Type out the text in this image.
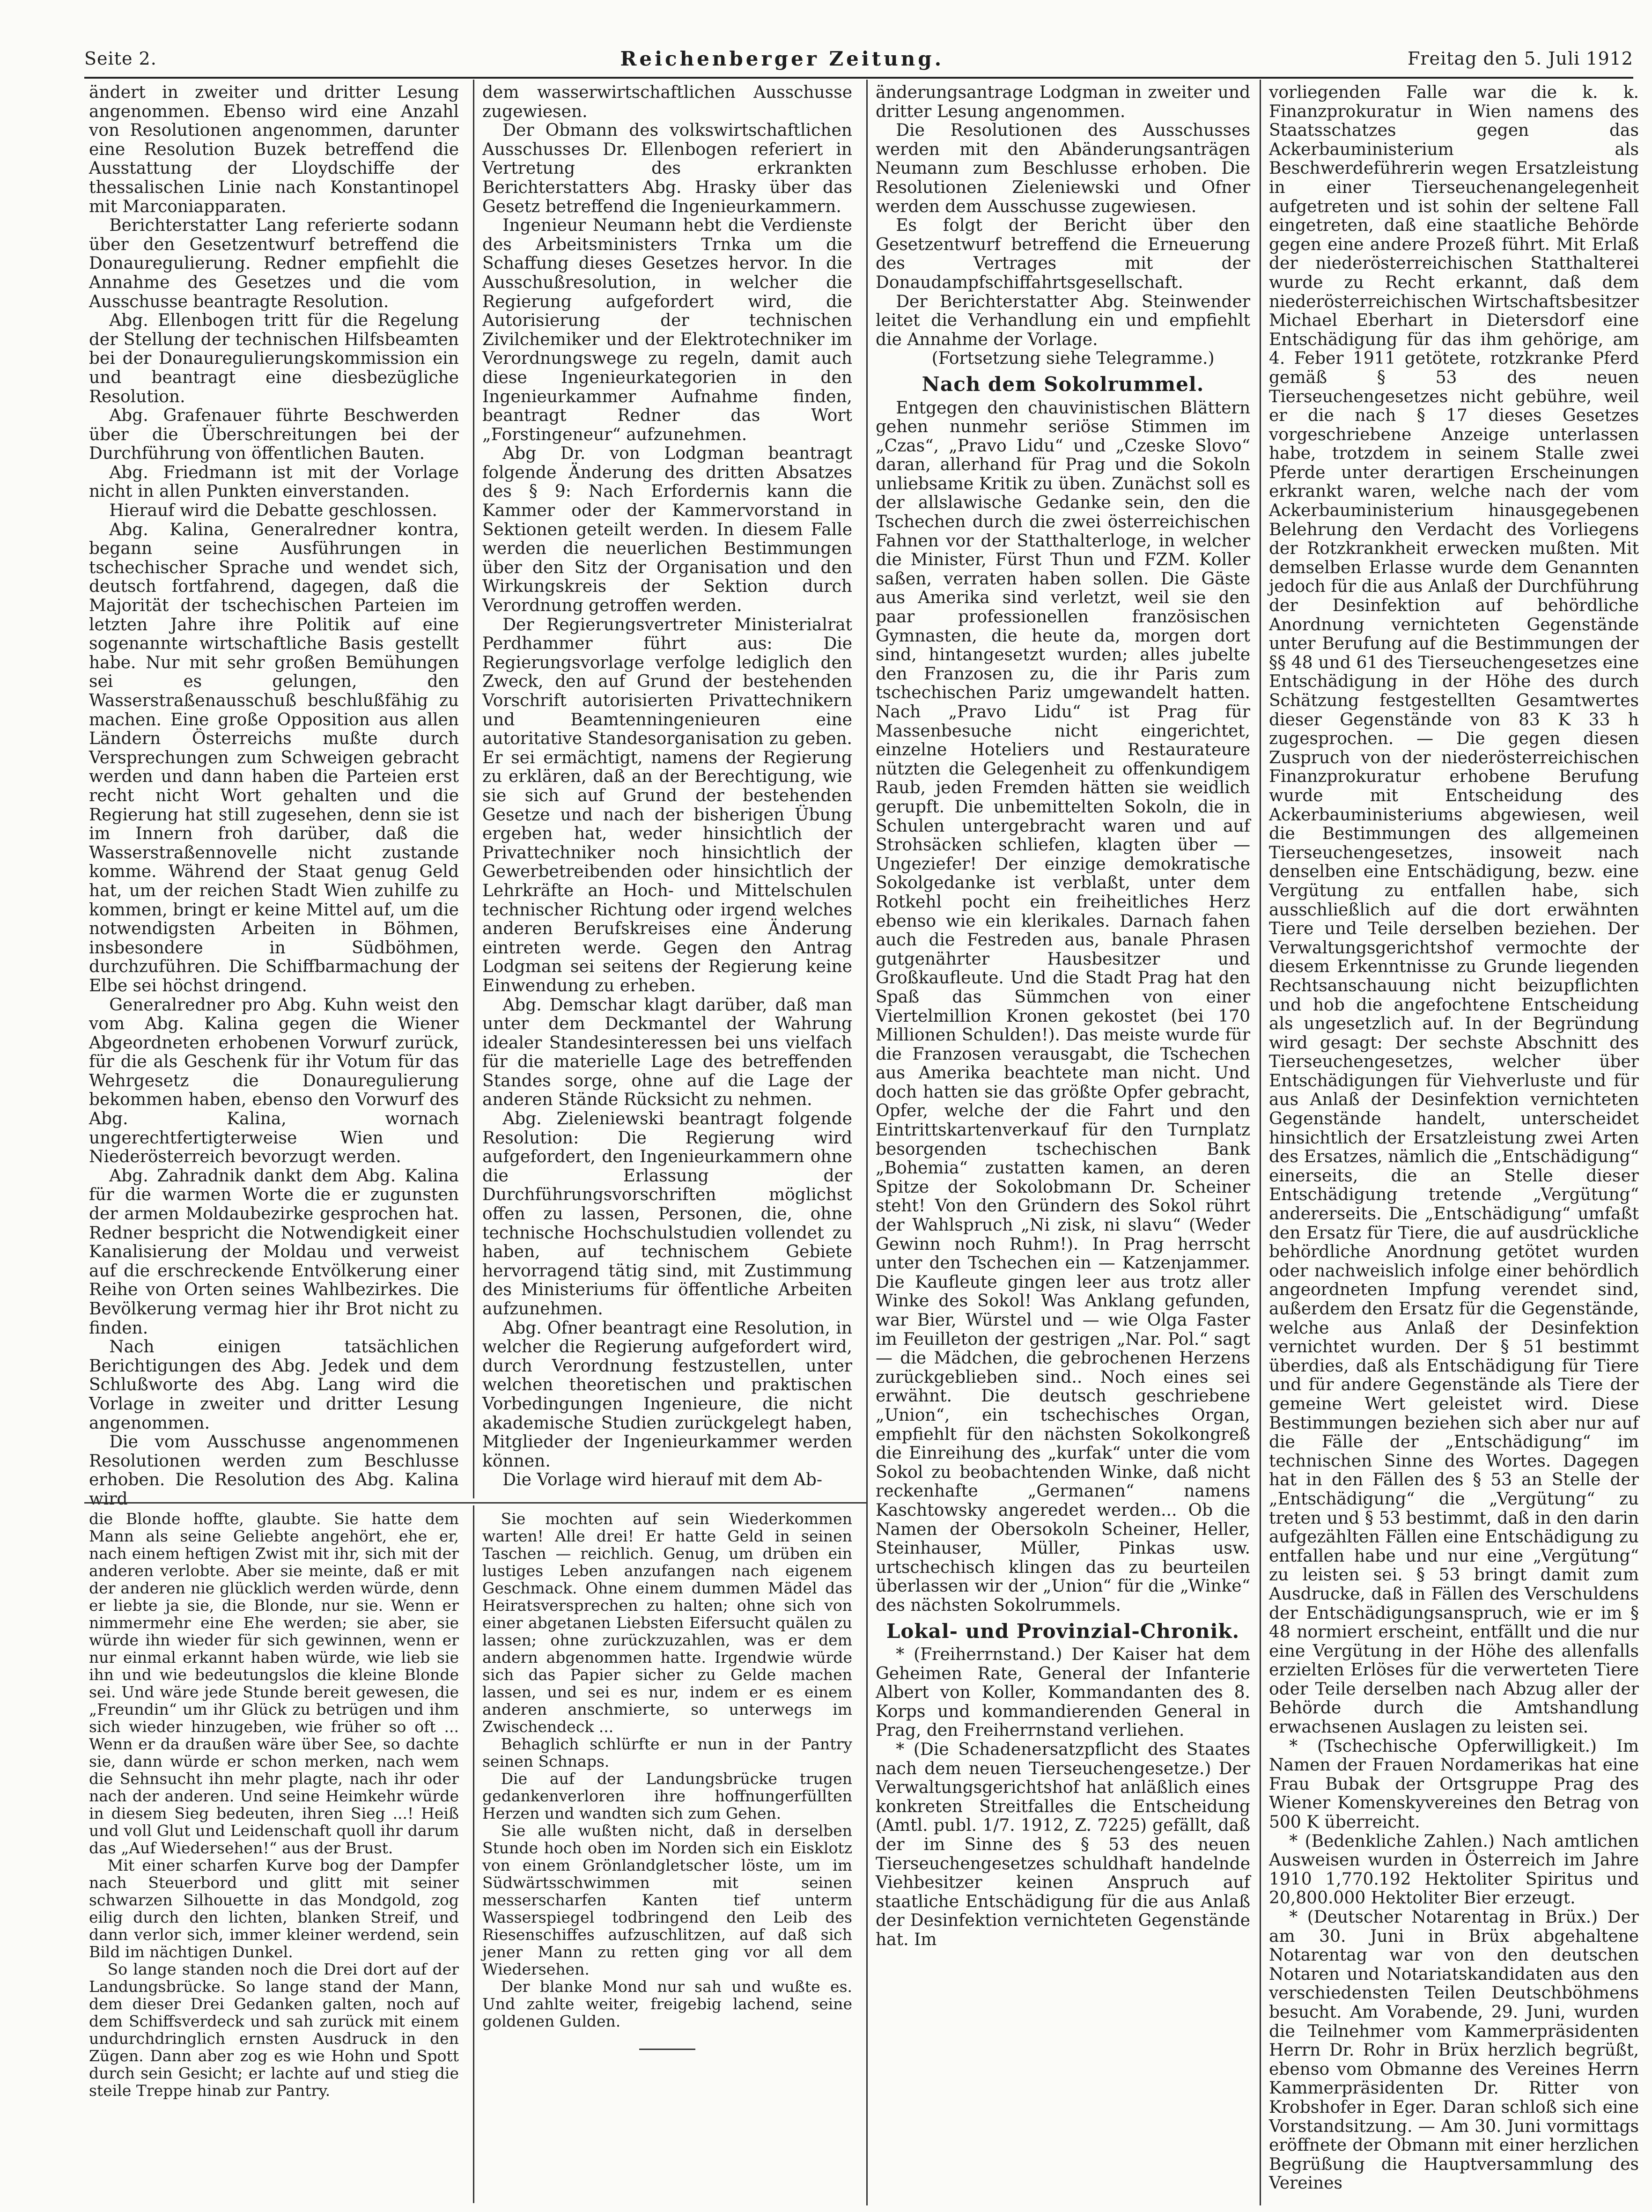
Seite 2.	Reichenberger Zeitung.	Freitag den 5. Juli 1912

ändert in zweiter und dritter Lesung angenommen. Ebenso wird eine Anzahl von Resolutionen angenommen, darunter eine Resolution Buzek betreffend die Ausstattung der Lloydschiffe der thessalischen Linie nach Konstantinopel mit Marconiapparaten.

Berichterstatter Lang referierte sodann über den Gesetzentwurf betreffend die Donauregulierung. Redner empfiehlt die Annahme des Gesetzes und die vom Ausschusse beantragte Resolution.

Abg. Ellenbogen tritt für die Regelung der Stellung der technischen Hilfsbeamten bei der Donauregulierungskommission ein und beantragt eine diesbezügliche Resolution.

Abg. Grafenauer führte Beschwerden über die Überschreitungen bei der Durchführung von öffentlichen Bauten.

Abg. Friedmann ist mit der Vorlage nicht in allen Punkten einverstanden.

Hierauf wird die Debatte geschlossen.

Abg. Kalina, Generalredner kontra, begann seine Ausführungen in tschechischer Sprache und wendet sich, deutsch fortfahrend, dagegen, daß die Majorität der tschechischen Parteien im letzten Jahre ihre Politik auf eine sogenannte wirtschaftliche Basis gestellt habe. Nur mit sehr großen Bemühungen sei es gelungen, den Wasserstraßenausschuß beschlußfähig zu machen. Eine große Opposition aus allen Ländern Österreichs mußte durch Versprechungen zum Schweigen gebracht werden und dann haben die Parteien erst recht nicht Wort gehalten und die Regierung hat still zugesehen, denn sie ist im Innern froh darüber, daß die Wasserstraßennovelle nicht zustande komme. Während der Staat genug Geld hat, um der reichen Stadt Wien zuhilfe zu kommen, bringt er keine Mittel auf, um die notwendigsten Arbeiten in Böhmen, insbesondere in Südböhmen, durchzuführen. Die Schiffbarmachung der Elbe sei höchst dringend.

Generalredner pro Abg. Kuhn weist den vom Abg. Kalina gegen die Wiener Abgeordneten erhobenen Vorwurf zurück, für die als Geschenk für ihr Votum für das Wehrgesetz die Donauregulierung bekommen haben, ebenso den Vorwurf des Abg. Kalina, wornach ungerechtfertigterweise Wien und Niederösterreich bevorzugt werden.

Abg. Zahradnik dankt dem Abg. Kalina für die warmen Worte die er zugunsten der armen Moldaubezirke gesprochen hat. Redner bespricht die Notwendigkeit einer Kanalisierung der Moldau und verweist auf die erschreckende Entvölkerung einer Reihe von Orten seines Wahlbezirkes. Die Bevölkerung vermag hier ihr Brot nicht zu finden.

Nach einigen tatsächlichen Berichtigungen des Abg. Jedek und dem Schlußworte des Abg. Lang wird die Vorlage in zweiter und dritter Lesung angenommen.

Die vom Ausschusse angenommenen Resolutionen werden zum Beschlusse erhoben. Die Resolution des Abg. Kalina wird

dem wasserwirtschaftlichen Ausschusse zugewiesen.

Der Obmann des volkswirtschaftlichen Ausschusses Dr. Ellenbogen referiert in Vertretung des erkrankten Berichterstatters Abg. Hrasky über das Gesetz betreffend die Ingenieurkammern.

Ingenieur Neumann hebt die Verdienste des Arbeitsministers Trnka um die Schaffung dieses Gesetzes hervor. In die Ausschußresolution, in welcher die Regierung aufgefordert wird, die Autorisierung der technischen Zivilchemiker und der Elektrotechniker im Verordnungswege zu regeln, damit auch diese Ingenieurkategorien in den Ingenieurkammer Aufnahme finden, beantragt Redner das Wort „Forstingeneur“ aufzunehmen.

Abg Dr. von Lodgman beantragt folgende Änderung des dritten Absatzes des § 9: Nach Erfordernis kann die Kammer oder der Kammervorstand in Sektionen geteilt werden. In diesem Falle werden die neuerlichen Bestimmungen über den Sitz der Organisation und den Wirkungskreis der Sektion durch Verordnung getroffen werden.

Der Regierungsvertreter Ministerialrat Perdhammer führt aus: Die Regierungsvorlage verfolge lediglich den Zweck, den auf Grund der bestehenden Vorschrift autorisierten Privattechnikern und Beamtenningenieuren eine autoritative Standesorganisation zu geben. Er sei ermächtigt, namens der Regierung zu erklären, daß an der Berechtigung, wie sie sich auf Grund der bestehenden Gesetze und nach der bisherigen Übung ergeben hat, weder hinsichtlich der Privattechniker noch hinsichtlich der Gewerbetreibenden oder hinsichtlich der Lehrkräfte an Hoch- und Mittelschulen technischer Richtung oder irgend welches anderen Berufskreises eine Änderung eintreten werde. Gegen den Antrag Lodgman sei seitens der Regierung keine Einwendung zu erheben.

Abg. Demschar klagt darüber, daß man unter dem Deckmantel der Wahrung idealer Standesinteressen bei uns vielfach für die materielle Lage des betreffenden Standes sorge, ohne auf die Lage der anderen Stände Rücksicht zu nehmen.

Abg. Zieleniewski beantragt folgende Resolution: Die Regierung wird aufgefordert, den Ingenieurkammern ohne die Erlassung der Durchführungsvorschriften möglichst offen zu lassen, Personen, die, ohne technische Hochschulstudien vollendet zu haben, auf technischem Gebiete hervorragend tätig sind, mit Zustimmung des Ministeriums für öffentliche Arbeiten aufzunehmen.

Abg. Ofner beantragt eine Resolution, in welcher die Regierung aufgefordert wird, durch Verordnung festzustellen, unter welchen theoretischen und praktischen Vorbedingungen Ingenieure, die nicht akademische Studien zurückgelegt haben, Mitglieder der Ingenieurkammer werden können.

Die Vorlage wird hierauf mit dem Ab-

die Blonde hoffte, glaubte. Sie hatte dem Mann als seine Geliebte angehört, ehe er, nach einem heftigen Zwist mit ihr, sich mit der anderen verlobte. Aber sie meinte, daß er mit der anderen nie glücklich werden würde, denn er liebte ja sie, die Blonde, nur sie. Wenn er nimmermehr eine Ehe werden; sie aber, sie würde ihn wieder für sich gewinnen, wenn er nur einmal erkannt haben würde, wie lieb sie ihn und wie bedeutungslos die kleine Blonde sei. Und wäre jede Stunde bereit gewesen, die „Freundin“ um ihr Glück zu betrügen und ihm sich wieder hinzugeben, wie früher so oft ... Wenn er da draußen wäre über See, so dachte sie, dann würde er schon merken, nach wem die Sehnsucht ihn mehr plagte, nach ihr oder nach der anderen. Und seine Heimkehr würde in diesem Sieg bedeuten, ihren Sieg ...! Heiß und voll Glut und Leidenschaft quoll ihr darum das „Auf Wiedersehen!“ aus der Brust.

Mit einer scharfen Kurve bog der Dampfer nach Steuerbord und glitt mit seiner schwarzen Silhouette in das Mondgold, zog eilig durch den lichten, blanken Streif, und dann verlor sich, immer kleiner werdend, sein Bild im nächtigen Dunkel.

So lange standen noch die Drei dort auf der Landungsbrücke. So lange stand der Mann, dem dieser Drei Gedanken galten, noch auf dem Schiffsverdeck und sah zurück mit einem undurchdringlich ernsten Ausdruck in den Zügen. Dann aber zog es wie Hohn und Spott durch sein Gesicht; er lachte auf und stieg die steile Treppe hinab zur Pantry.

Sie mochten auf sein Wiederkommen warten! Alle drei! Er hatte Geld in seinen Taschen — reichlich. Genug, um drüben ein lustiges Leben anzufangen nach eigenem Geschmack. Ohne einem dummen Mädel das Heiratsversprechen zu halten; ohne sich von einer abgetanen Liebsten Eifersucht quälen zu lassen; ohne zurückzuzahlen, was er dem andern abgenommen hatte. Irgendwie würde sich das Papier sicher zu Gelde machen lassen, und sei es nur, indem er es einem anderen anschmierte, so unterwegs im Zwischendeck ...

Behaglich schlürfte er nun in der Pantry seinen Schnaps.

Die auf der Landungsbrücke trugen gedankenverloren ihre hoffnungerfüllten Herzen und wandten sich zum Gehen.

Sie alle wußten nicht, daß in derselben Stunde hoch oben im Norden sich ein Eisklotz von einem Grönlandgletscher löste, um im Südwärtsschwimmen mit seinen messerscharfen Kanten tief unterm Wasserspiegel todbringend den Leib des Riesenschiffes aufzuschlitzen, auf daß sich jener Mann zu retten ging vor all dem Wiedersehen.

Der blanke Mond nur sah und wußte es. Und zahlte weiter, freigebig lachend, seine goldenen Gulden.

änderungsantrage Lodgman in zweiter und dritter Lesung angenommen.

Die Resolutionen des Ausschusses werden mit den Abänderungsanträgen Neumann zum Beschlusse erhoben. Die Resolutionen Zieleniewski und Ofner werden dem Ausschusse zugewiesen.

Es folgt der Bericht über den Gesetzentwurf betreffend die Erneuerung des Vertrages mit der Donaudampfschiffahrtsgesellschaft.

Der Berichterstatter Abg. Steinwender leitet die Verhandlung ein und empfiehlt die Annahme der Vorlage.

(Fortsetzung siehe Telegramme.)

Nach dem Sokolrummel.

Entgegen den chauvinistischen Blättern gehen nunmehr seriöse Stimmen im „Czas“, „Pravo Lidu“ und „Czeske Slovo“ daran, allerhand für Prag und die Sokoln unliebsame Kritik zu üben. Zunächst soll es der allslawische Gedanke sein, den die Tschechen durch die zwei österreichischen Fahnen vor der Statthalterloge, in welcher die Minister, Fürst Thun und FZM. Koller saßen, verraten haben sollen. Die Gäste aus Amerika sind verletzt, weil sie den paar professionellen französischen Gymnasten, die heute da, morgen dort sind, hintangesetzt wurden; alles jubelte den Franzosen zu, die ihr Paris zum tschechischen Pariz umgewandelt hatten. Nach „Pravo Lidu“ ist Prag für Massenbesuche nicht eingerichtet, einzelne Hoteliers und Restaurateure nützten die Gelegenheit zu offenkundigem Raub, jeden Fremden hätten sie weidlich gerupft. Die unbemittelten Sokoln, die in Schulen untergebracht waren und auf Strohsäcken schliefen, klagten über — Ungeziefer! Der einzige demokratische Sokolgedanke ist verblaßt, unter dem Rotkehl pocht ein freiheitliches Herz ebenso wie ein klerikales. Darnach fahen auch die Festreden aus, banale Phrasen gutgenährter Hausbesitzer und Großkaufleute. Und die Stadt Prag hat den Spaß das Sümmchen von einer Viertelmillion Kronen gekostet (bei 170 Millionen Schulden!). Das meiste wurde für die Franzosen verausgabt, die Tschechen aus Amerika beachtete man nicht. Und doch hatten sie das größte Opfer gebracht, Opfer, welche der die Fahrt und den Eintrittskartenverkauf für den Turnplatz besorgenden tschechischen Bank „Bohemia“ zustatten kamen, an deren Spitze der Sokolobmann Dr. Scheiner steht! Von den Gründern des Sokol rührt der Wahlspruch „Ni zisk, ni slavu“ (Weder Gewinn noch Ruhm!). In Prag herrscht unter den Tschechen ein — Katzenjammer. Die Kaufleute gingen leer aus trotz aller Winke des Sokol! Was Anklang gefunden, war Bier, Würstel und — wie Olga Faster im Feuilleton der gestrigen „Nar. Pol.“ sagt — die Mädchen, die gebrochenen Herzens zurückgeblieben sind.. Noch eines sei erwähnt. Die deutsch geschriebene „Union“, ein tschechisches Organ, empfiehlt für den nächsten Sokolkongreß die Einreihung des „kurfak“ unter die vom Sokol zu beobachtenden Winke, daß nicht reckenhafte „Germanen“ namens Kaschtowsky angeredet werden... Ob die Namen der Obersokoln Scheiner, Heller, Steinhauser, Müller, Pinkas usw. urtschechisch klingen das zu beurteilen überlassen wir der „Union“ für die „Winke“ des nächsten Sokolrummels.

Lokal- und Provinzial-Chronik.

* (Freiherrnstand.) Der Kaiser hat dem Geheimen Rate, General der Infanterie Albert von Koller, Kommandanten des 8. Korps und kommandierenden General in Prag, den Freiherrnstand verliehen.

* (Die Schadenersatzpflicht des Staates nach dem neuen Tierseuchengesetze.) Der Verwaltungsgerichtshof hat anläßlich eines konkreten Streitfalles die Entscheidung (Amtl. publ. 1/7. 1912, Z. 7225) gefällt, daß der im Sinne des § 53 des neuen Tierseuchengesetzes schuldhaft handelnde Viehbesitzer keinen Anspruch auf staatliche Entschädigung für die aus Anlaß der Desinfektion vernichteten Gegenstände hat. Im

vorliegenden Falle war die k. k. Finanzprokuratur in Wien namens des Staatsschatzes gegen das Ackerbauministerium als Beschwerdeführerin wegen Ersatzleistung in einer Tierseuchenangelegenheit aufgetreten und ist sohin der seltene Fall eingetreten, daß eine staatliche Behörde gegen eine andere Prozeß führt. Mit Erlaß der niederösterreichischen Statthalterei wurde zu Recht erkannt, daß dem niederösterreichischen Wirtschaftsbesitzer Michael Eberhart in Dietersdorf eine Entschädigung für das ihm gehörige, am 4. Feber 1911 getötete, rotzkranke Pferd gemäß § 53 des neuen Tierseuchengesetzes nicht gebühre, weil er die nach § 17 dieses Gesetzes vorgeschriebene Anzeige unterlassen habe, trotzdem in seinem Stalle zwei Pferde unter derartigen Erscheinungen erkrankt waren, welche nach der vom Ackerbauministerium hinausgegebenen Belehrung den Verdacht des Vorliegens der Rotzkrankheit erwecken mußten. Mit demselben Erlasse wurde dem Genannten jedoch für die aus Anlaß der Durchführung der Desinfektion auf behördliche Anordnung vernichteten Gegenstände unter Berufung auf die Bestimmungen der §§ 48 und 61 des Tierseuchengesetzes eine Entschädigung in der Höhe des durch Schätzung festgestellten Gesamtwertes dieser Gegenstände von 83 K 33 h zugesprochen. — Die gegen diesen Zuspruch von der niederösterreichischen Finanzprokuratur erhobene Berufung wurde mit Entscheidung des Ackerbauministeriums abgewiesen, weil die Bestimmungen des allgemeinen Tierseuchengesetzes, insoweit nach denselben eine Entschädigung, bezw. eine Vergütung zu entfallen habe, sich ausschließlich auf die dort erwähnten Tiere und Teile derselben beziehen. Der Verwaltungsgerichtshof vermochte der diesem Erkenntnisse zu Grunde liegenden Rechtsanschauung nicht beizupflichten und hob die angefochtene Entscheidung als ungesetzlich auf. In der Begründung wird gesagt: Der sechste Abschnitt des Tierseuchengesetzes, welcher über Entschädigungen für Viehverluste und für aus Anlaß der Desinfektion vernichteten Gegenstände handelt, unterscheidet hinsichtlich der Ersatzleistung zwei Arten des Ersatzes, nämlich die „Entschädigung“ einerseits, die an Stelle dieser Entschädigung tretende „Vergütung“ andererseits. Die „Entschädigung“ umfaßt den Ersatz für Tiere, die auf ausdrückliche behördliche Anordnung getötet wurden oder nachweislich infolge einer behördlich angeordneten Impfung verendet sind, außerdem den Ersatz für die Gegenstände, welche aus Anlaß der Desinfektion vernichtet wurden. Der § 51 bestimmt überdies, daß als Entschädigung für Tiere und für andere Gegenstände als Tiere der gemeine Wert geleistet wird. Diese Bestimmungen beziehen sich aber nur auf die Fälle der „Entschädigung“ im technischen Sinne des Wortes. Dagegen hat in den Fällen des § 53 an Stelle der „Entschädigung“ die „Vergütung“ zu treten und § 53 bestimmt, daß in den darin aufgezählten Fällen eine Entschädigung zu entfallen habe und nur eine „Vergütung“ zu leisten sei. § 53 bringt damit zum Ausdrucke, daß in Fällen des Verschuldens der Entschädigungsanspruch, wie er im § 48 normiert erscheint, entfällt und die nur eine Vergütung in der Höhe des allenfalls erzielten Erlöses für die verwerteten Tiere oder Teile derselben nach Abzug aller der Behörde durch die Amtshandlung erwachsenen Auslagen zu leisten sei.

* (Tschechische Opferwilligkeit.) Im Namen der Frauen Nordamerikas hat eine Frau Bubak der Ortsgruppe Prag des Wiener Komenskyvereines den Betrag von 500 K überreicht.

* (Bedenkliche Zahlen.) Nach amtlichen Ausweisen wurden in Österreich im Jahre 1910 1,770.192 Hektoliter Spiritus und 20,800.000 Hektoliter Bier erzeugt.

* (Deutscher Notarentag in Brüx.) Der am 30. Juni in Brüx abgehaltene Notarentag war von den deutschen Notaren und Notariatskandidaten aus den verschiedensten Teilen Deutschböhmens besucht. Am Vorabende, 29. Juni, wurden die Teilnehmer vom Kammerpräsidenten Herrn Dr. Rohr in Brüx herzlich begrüßt, ebenso vom Obmanne des Vereines Herrn Kammerpräsidenten Dr. Ritter von Krobshofer in Eger. Daran schloß sich eine Vorstandsitzung. — Am 30. Juni vormittags eröffnete der Obmann mit einer herzlichen Begrüßung die Hauptversammlung des Vereines
